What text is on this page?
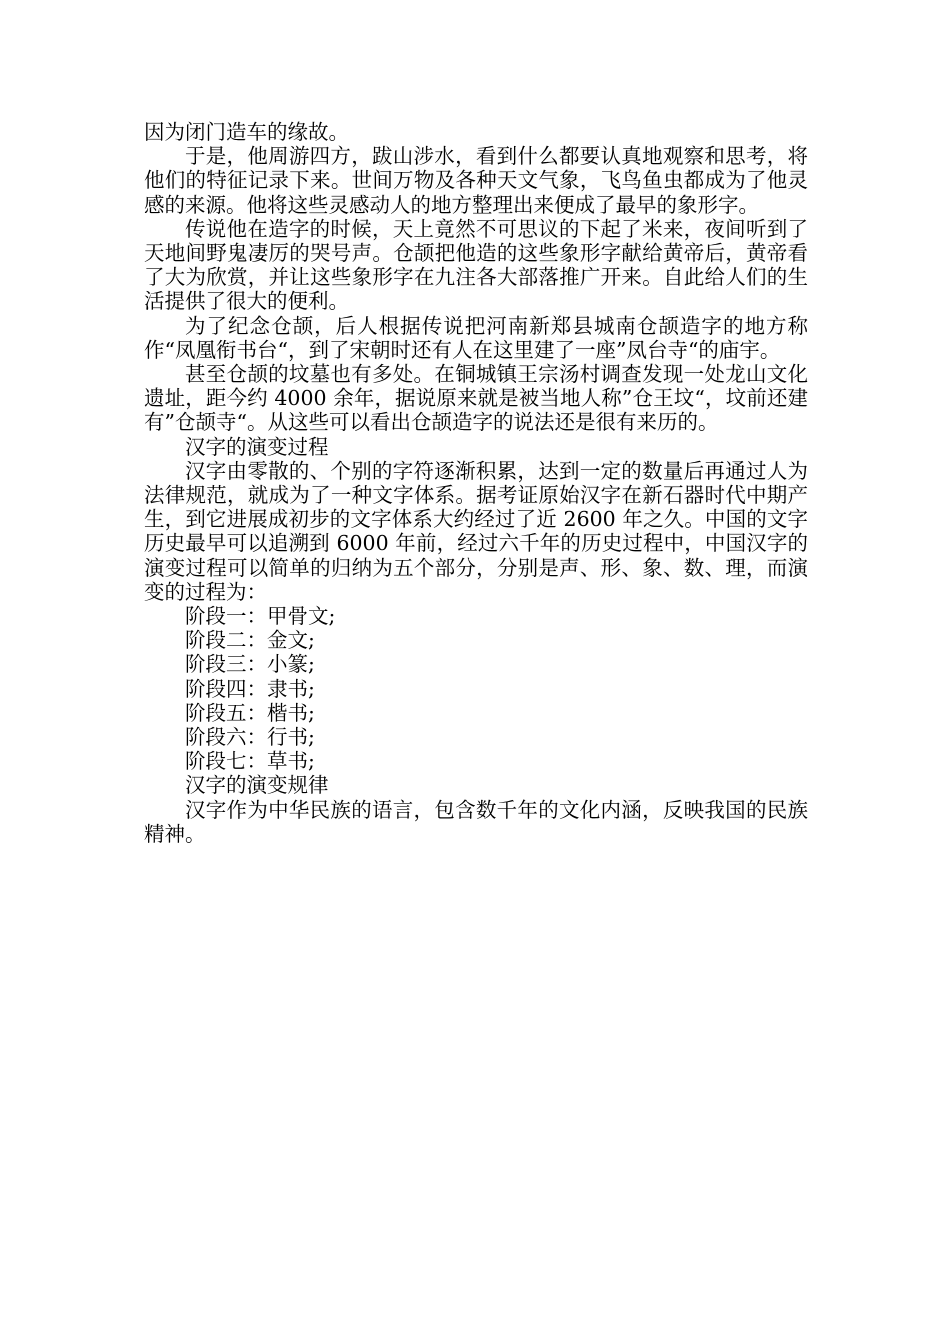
因为闭门造车的缘故。

于是，他周游四方，跋山涉水，看到什么都要认真地观察和思考，将他们的特征记录下来。世间万物及各种天文气象，飞鸟鱼虫都成为了他灵感的来源。他将这些灵感动人的地方整理出来便成了最早的象形字。

传说他在造字的时候，天上竟然不可思议的下起了米来，夜间听到了天地间野鬼凄厉的哭号声。仓颉把他造的这些象形字献给黄帝后，黄帝看了大为欣赏，并让这些象形字在九注各大部落推广开来。自此给人们的生活提供了很大的便利。

为了纪念仓颉，后人根据传说把河南新郑县城南仓颉造字的地方称作“凤凰衔书台“，到了宋朝时还有人在这里建了一座”凤台寺“的庙宇。

甚至仓颉的坟墓也有多处。在铜城镇王宗汤村调查发现一处龙山文化遗址，距今约 4000 余年，据说原来就是被当地人称”仓王坟“，坟前还建有”仓颉寺“。从这些可以看出仓颉造字的说法还是很有来历的。

汉字的演变过程

汉字由零散的、个别的字符逐渐积累，达到一定的数量后再通过人为法律规范，就成为了一种文字体系。据考证原始汉字在新石器时代中期产生，到它进展成初步的文字体系大约经过了近 2600 年之久。中国的文字历史最早可以追溯到 6000 年前，经过六千年的历史过程中，中国汉字的演变过程可以简单的归纳为五个部分，分别是声、形、象、数、理，而演变的过程为：

阶段一：甲骨文;

阶段二：金文;

阶段三：小篆;

阶段四：隶书;

阶段五：楷书;

阶段六：行书;

阶段七：草书;

汉字的演变规律

汉字作为中华民族的语言，包含数千年的文化内涵，反映我国的民族精神。
